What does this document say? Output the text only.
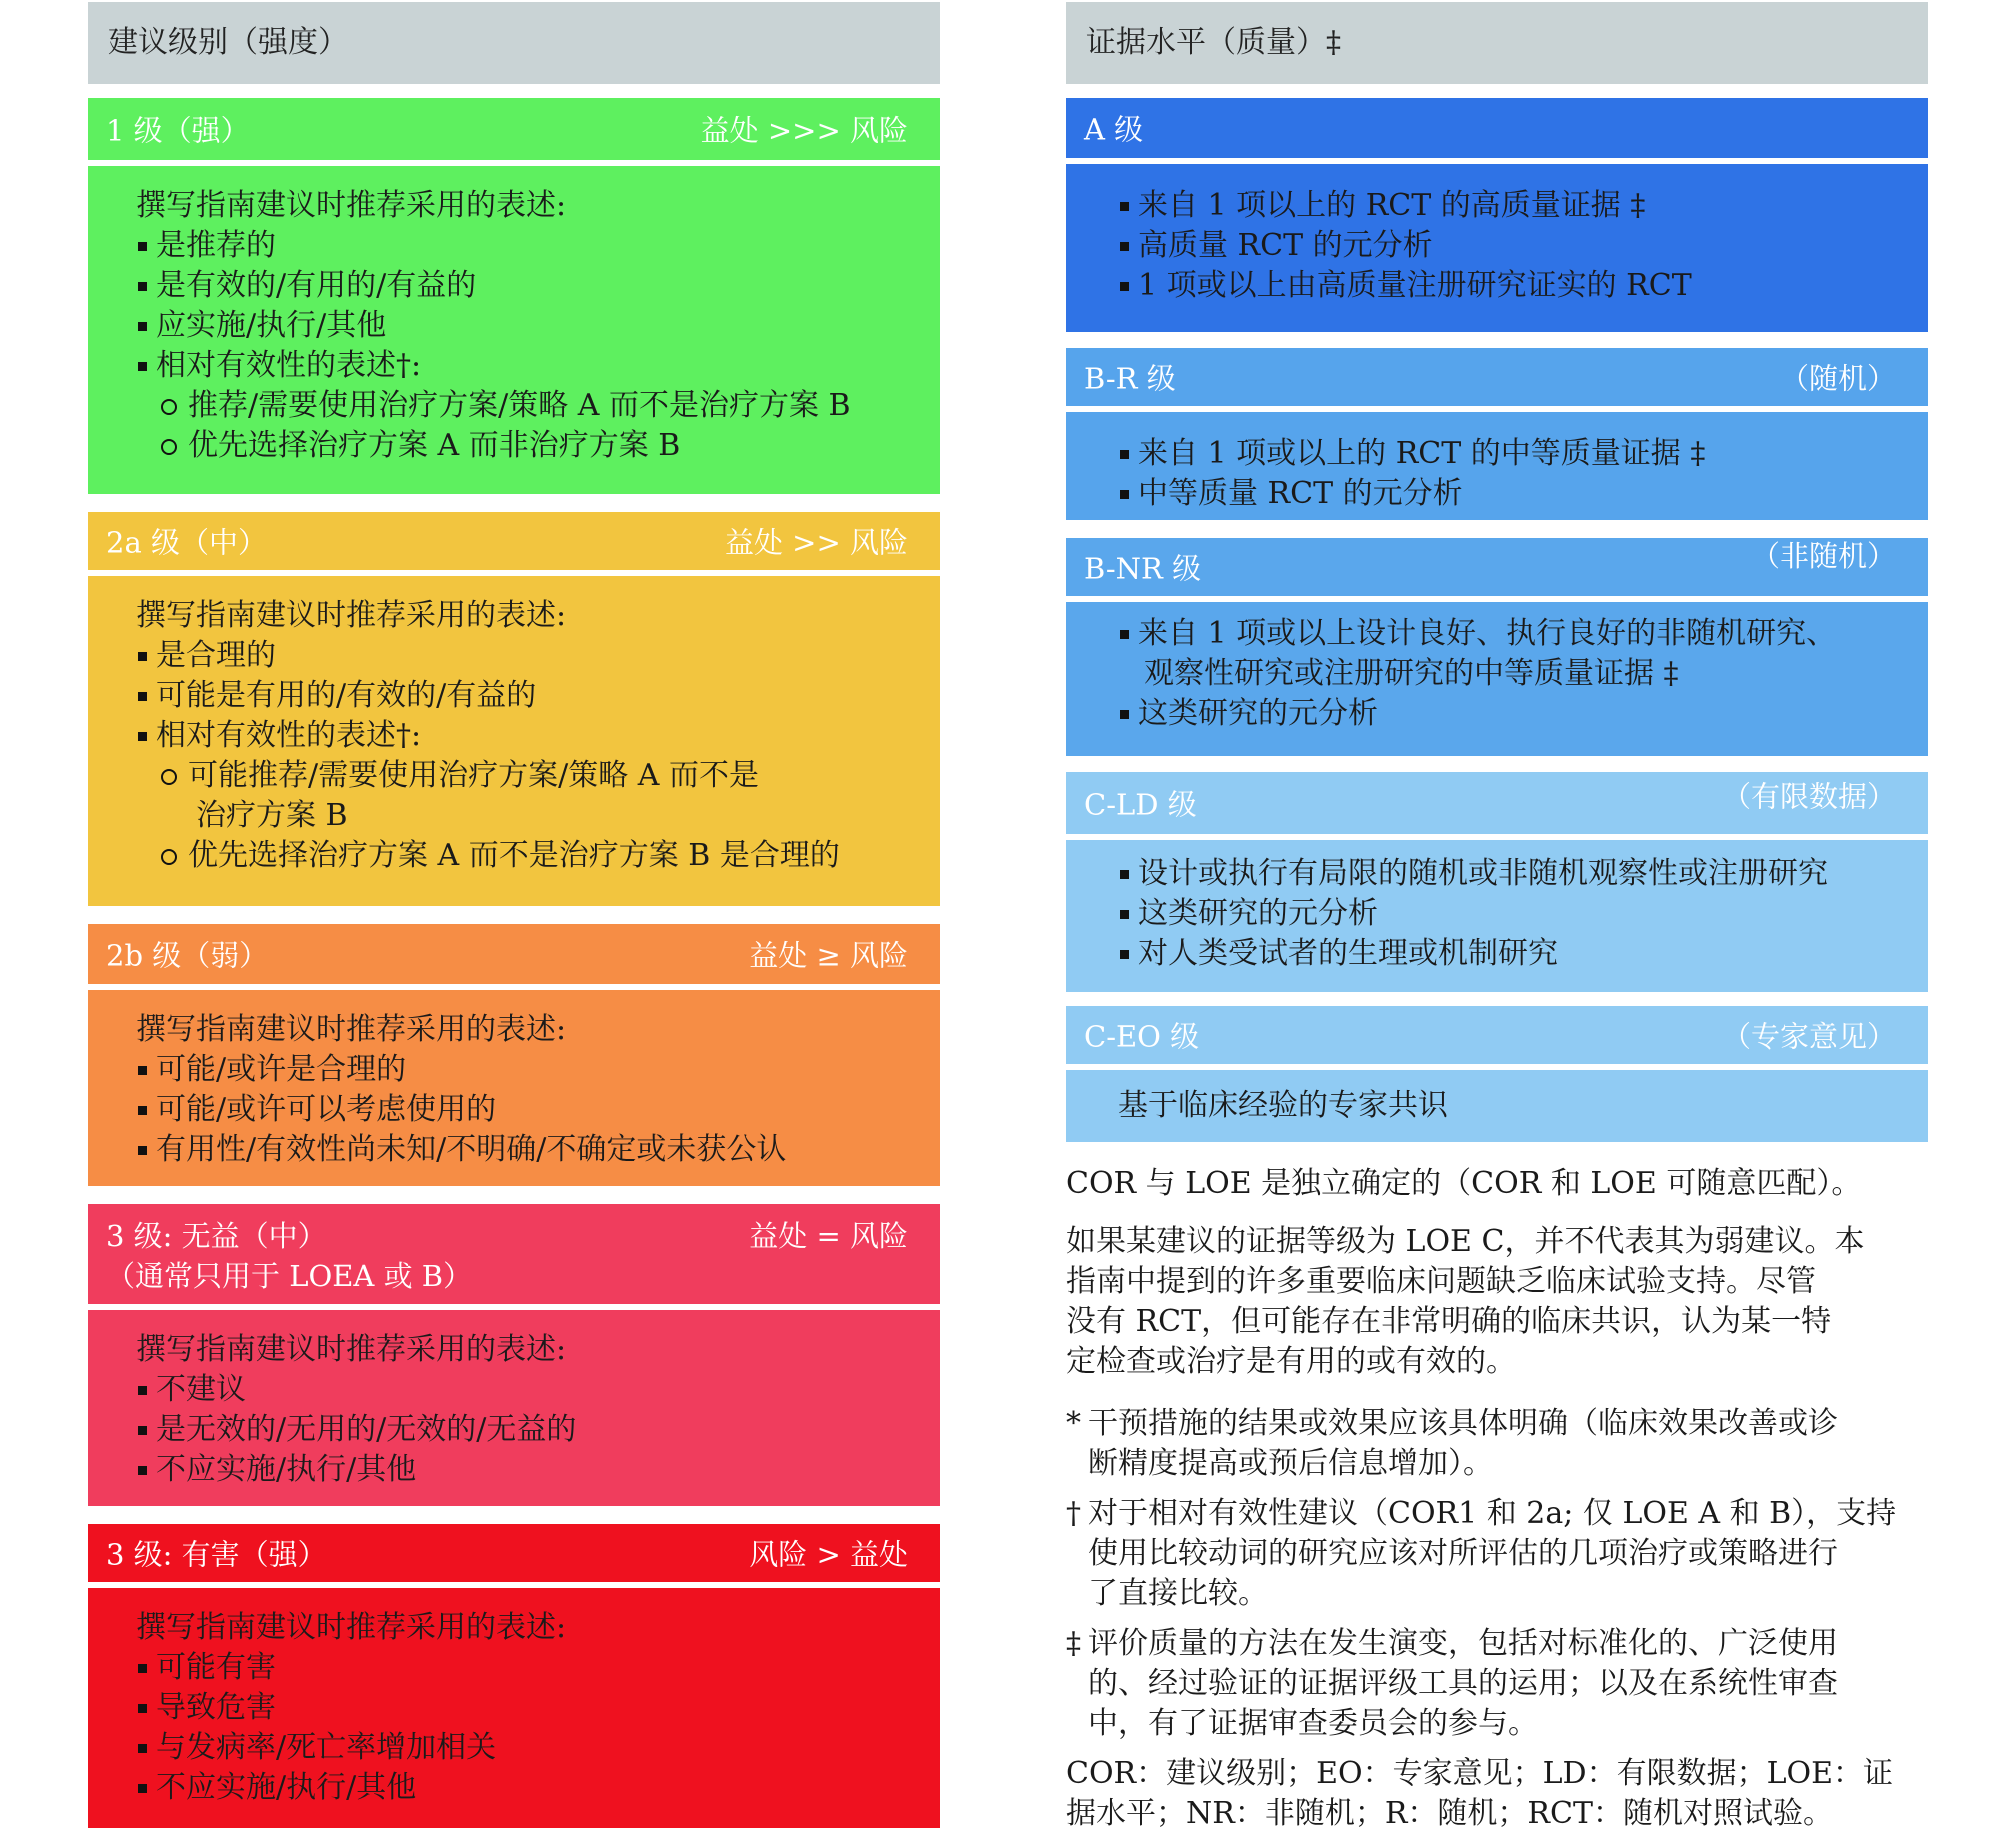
建议级别（强度）
1 级（强）	益处 >>> 风险
撰写指南建议时推荐采用的表述:
是推荐的
是有效的/有用的/有益的
应实施/执行/其他
相对有效性的表述†:
推荐/需要使用治疗方案/策略 A 而不是治疗方案 B
优先选择治疗方案 A 而非治疗方案 B
2a 级（中）	益处 >> 风险
撰写指南建议时推荐采用的表述:
是合理的
可能是有用的/有效的/有益的
相对有效性的表述†:
可能推荐/需要使用治疗方案/策略 A 而不是
治疗方案 B
优先选择治疗方案 A 而不是治疗方案 B 是合理的
2b 级（弱）	益处 ≥ 风险
撰写指南建议时推荐采用的表述:
可能/或许是合理的
可能/或许可以考虑使用的
有用性/有效性尚未知/不明确/不确定或未获公认
3 级: 无益（中）
（通常只用于 LOEA 或 B）
益处 = 风险
撰写指南建议时推荐采用的表述:
不建议
是无效的/无用的/无效的/无益的
不应实施/执行/其他
3 级: 有害（强）	风险 > 益处
撰写指南建议时推荐采用的表述:
可能有害
导致危害
与发病率/死亡率增加相关
不应实施/执行/其他
证据水平（质量）‡
A 级
来自 1 项以上的 RCT 的高质量证据 ‡
高质量 RCT 的元分析
1 项或以上由高质量注册研究证实的 RCT
B-R 级	（随机）
来自 1 项或以上的 RCT 的中等质量证据 ‡
中等质量 RCT 的元分析
B-NR 级	（非随机）
来自 1 项或以上设计良好、执行良好的非随机研究、
观察性研究或注册研究的中等质量证据 ‡
这类研究的元分析
C-LD 级	（有限数据）
设计或执行有局限的随机或非随机观察性或注册研究
这类研究的元分析
对人类受试者的生理或机制研究
C-EO 级	（专家意见）
基于临床经验的专家共识

COR 与 LOE 是独立确定的（COR 和 LOE 可随意匹配）。

如果某建议的证据等级为 LOE C，并不代表其为弱建议。本
指南中提到的许多重要临床问题缺乏临床试验支持。尽管
没有 RCT，但可能存在非常明确的临床共识，认为某一特
定检查或治疗是有用的或有效的。

* 干预措施的结果或效果应该具体明确（临床效果改善或诊
断精度提高或预后信息增加）。

† 对于相对有效性建议（COR1 和 2a; 仅 LOE A 和 B），支持
使用比较动词的研究应该对所评估的几项治疗或策略进行
了直接比较。

‡ 评价质量的方法在发生演变，包括对标准化的、广泛使用
的、经过验证的证据评级工具的运用；以及在系统性审查
中，有了证据审查委员会的参与。

COR：建议级别；EO：专家意见；LD：有限数据；LOE：证
据水平；NR：非随机；R：随机；RCT：随机对照试验。
